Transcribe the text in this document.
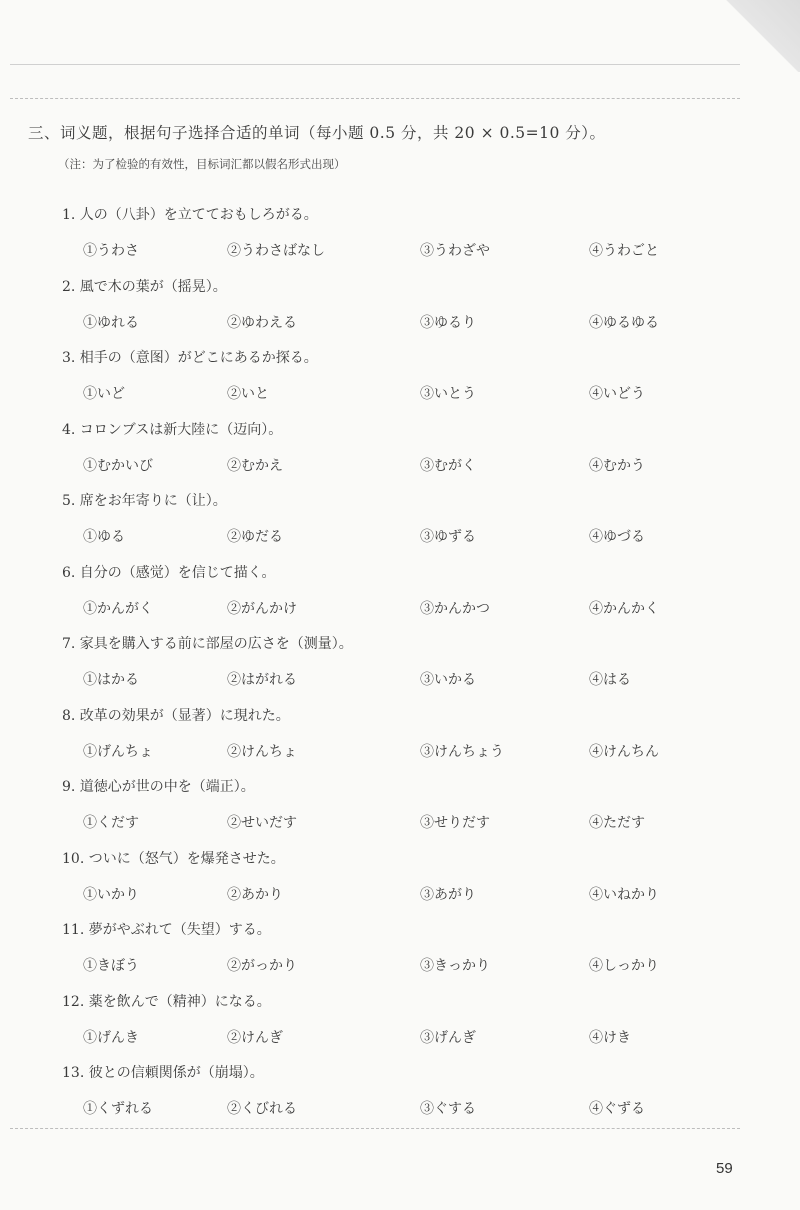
三、词义题，根据句子选择合适的单词（每小题 0.5 分，共 20 × 0.5=10 分）。
（注：为了检验的有效性，目标词汇都以假名形式出现）
1. 人の（八卦）を立てておもしろがる。
①うわさ	②うわさばなし	③うわざや	④うわごと
2. 風で木の葉が（摇晃）。
①ゆれる	②ゆわえる	③ゆるり	④ゆるゆる
3. 相手の（意图）がどこにあるか探る。
①いど	②いと	③いとう	④いどう
4. コロンブスは新大陸に（迈向）。
①むかいび	②むかえ	③むがく	④むかう
5. 席をお年寄りに（让）。
①ゆる	②ゆだる	③ゆずる	④ゆづる
6. 自分の（感觉）を信じて描く。
①かんがく	②がんかけ	③かんかつ	④かんかく
7. 家具を購入する前に部屋の広さを（测量）。
①はかる	②はがれる	③いかる	④はる
8. 改革の効果が（显著）に現れた。
①げんちょ	②けんちょ	③けんちょう	④けんちん
9. 道徳心が世の中を（端正）。
①くだす	②せいだす	③せりだす	④ただす
10. ついに（怒气）を爆発させた。
①いかり	②あかり	③あがり	④いねかり
11. 夢がやぶれて（失望）する。
①きぼう	②がっかり	③きっかり	④しっかり
12. 薬を飲んで（精神）になる。
①げんき	②けんぎ	③げんぎ	④けき
13. 彼との信頼関係が（崩塌）。
①くずれる	②くびれる	③ぐする	④ぐずる
59
